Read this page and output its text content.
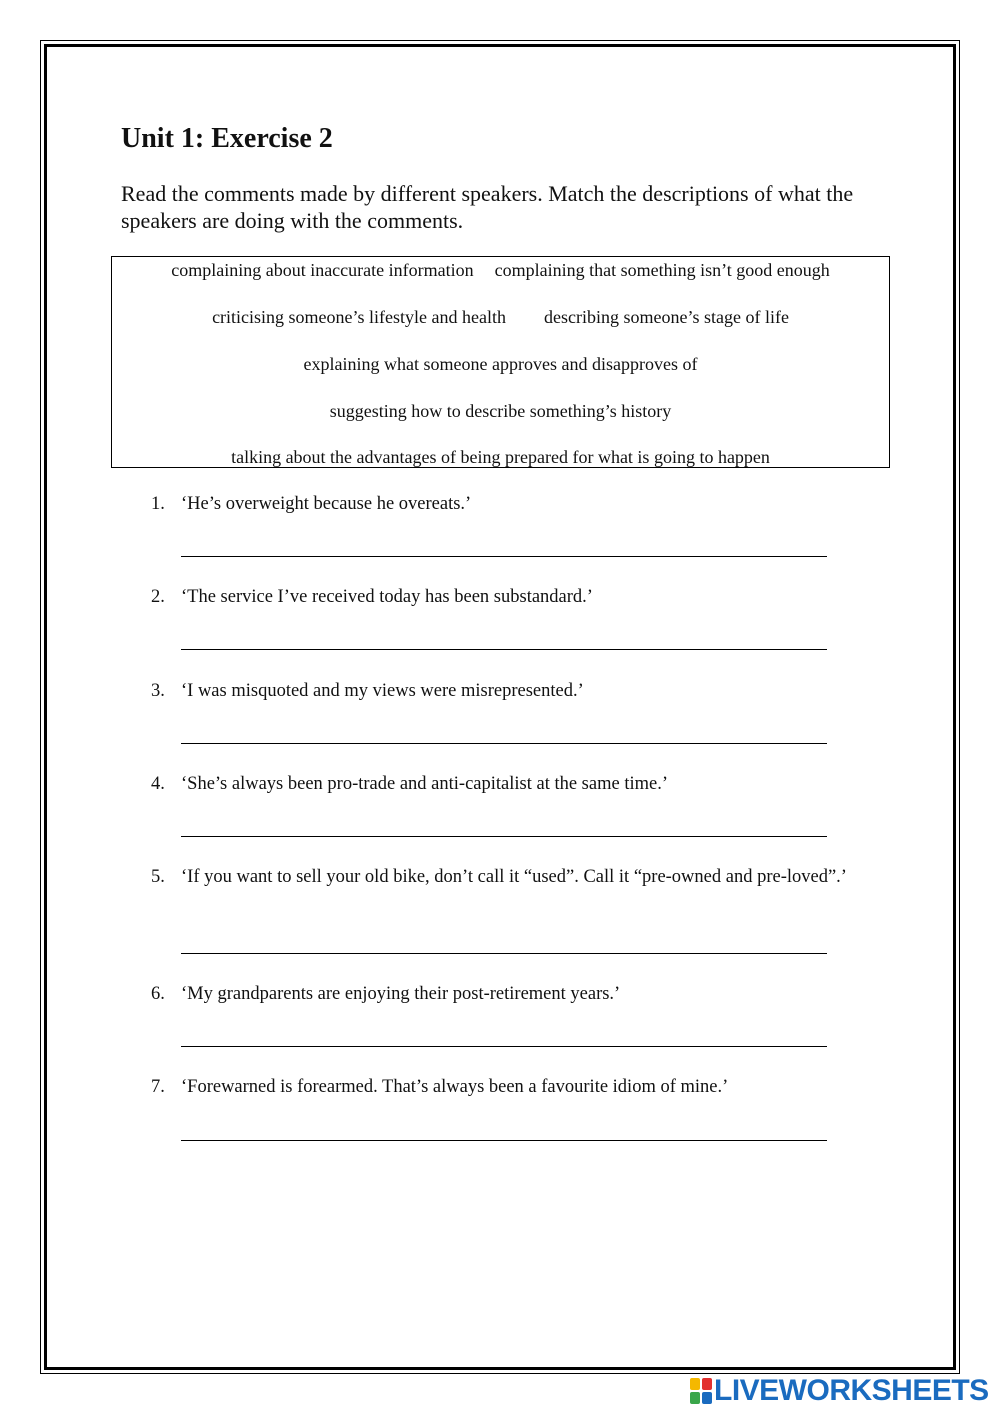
Unit 1: Exercise 2

Read the comments made by different speakers. Match the descriptions of what the speakers are doing with the comments.

complaining about inaccurate information complaining that something isn’t good enough
criticising someone’s lifestyle and health describing someone’s stage of life
explaining what someone approves and disapproves of
suggesting how to describe something’s history
talking about the advantages of being prepared for what is going to happen
1. ‘He’s overweight because he overeats.’
2. ‘The service I’ve received today has been substandard.’
3. ‘I was misquoted and my views were misrepresented.’
4. ‘She’s always been pro-trade and anti-capitalist at the same time.’
5. ‘If you want to sell your old bike, don’t call it “used”. Call it “pre-owned and pre-loved”.’
6. ‘My grandparents are enjoying their post-retirement years.’
7. ‘Forewarned is forearmed. That’s always been a favourite idiom of mine.’
LIVEWORKSHEETS
